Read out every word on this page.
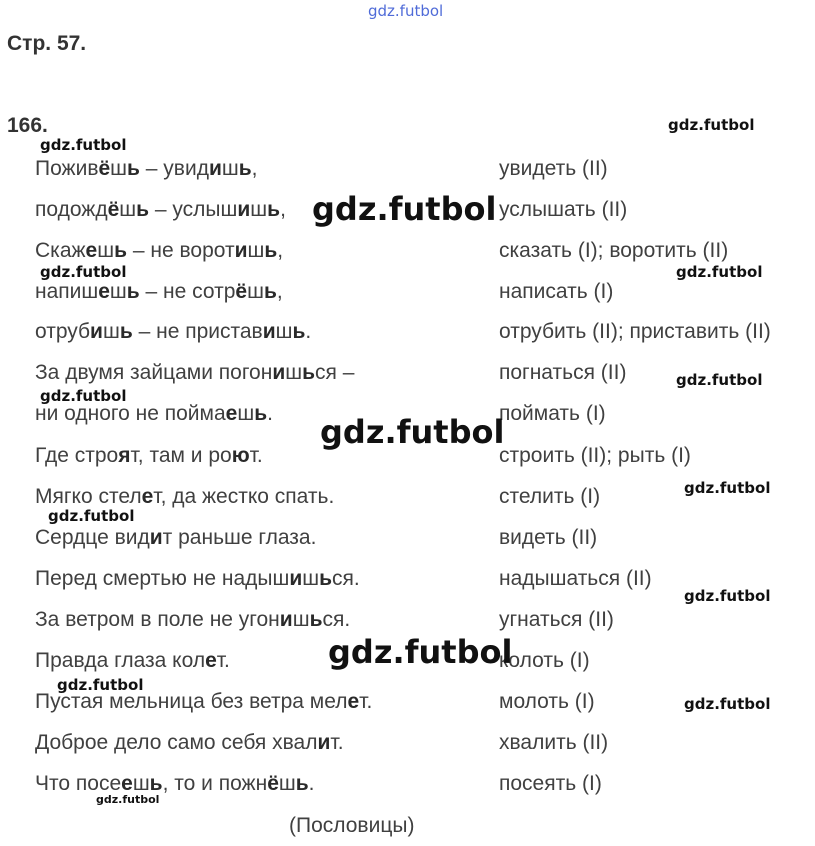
gdz.futbol
Стр. 57.
166.
Поживёшь – увидишь,
подождёшь – услышишь,
Скажешь – не воротишь,
напишешь – не сотрёшь,
отрубишь – не приставишь.
За двумя зайцами погонишься –
ни одного не поймаешь.
Где строят, там и роют.
Мягко стелет, да жестко спать.
Сердце видит раньше глаза.
Перед смертью не надышишься.
За ветром в поле не угонишься.
Правда глаза колет.
Пустая мельница без ветра мелет.
Доброе дело само себя хвалит.
Что посеешь, то и пожнёшь.
увидеть (II)
услышать (II)
сказать (I); воротить (II)
написать (I)
отрубить (II); приставить (II)
погнаться (II)
поймать (I)
строить (II); рыть (I)
стелить (I)
видеть (II)
надышаться (II)
угнаться (II)
колоть (I)
молоть (I)
хвалить (II)
посеять (I)
(Пословицы)
gdz.futbol
gdz.futbol
gdz.futbol
gdz.futbol	gdz.futbol
gdz.futbol
gdz.futbol
gdz.futbol
gdz.futbol
gdz.futbol
gdz.futbol
gdz.futbol
gdz.futbol
gdz.futbol
gdz.futbol
